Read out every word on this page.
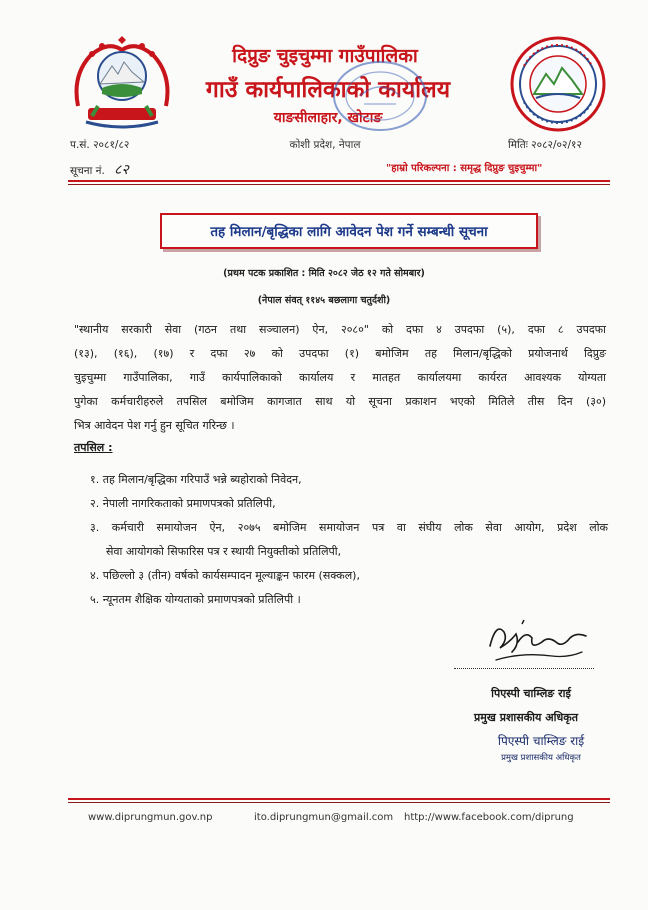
दिप्रुङ चुइचुम्मा गाउँपालिका
गाउँ कार्यपालिकाको कार्यालय
याङसीलाहार, खोटाङ
कोशी प्रदेश, नेपाल
प.सं. २०८१/८२
सूचना नं. ८२
मितिः २०८२/०२/१२
"हाम्रो परिकल्पना : समृद्ध दिप्रुङ चुइचुम्मा"
तह मिलान/बृद्धिका लागि आवेदन पेश गर्ने सम्बन्धी सूचना
(प्रथम पटक प्रकाशित : मिति २०८२ जेठ १२ गते सोमबार)
(नेपाल संवत् ११४५ बछलागा चतुर्दशी)
"स्थानीय सरकारी सेवा (गठन तथा सञ्चालन) ऐन, २०८०" को दफा ४ उपदफा (५), दफा ८ उपदफा
(१३), (१६), (१७) र दफा २७ को उपदफा (१) बमोजिम तह मिलान/बृद्धिको प्रयोजनार्थ दिप्रुङ
चुइचुम्मा गाउँपालिका, गाउँ कार्यपालिकाको कार्यालय र मातहत कार्यालयमा कार्यरत आवश्यक योग्यता
पुगेका कर्मचारीहरुले तपसिल बमोजिम कागजात साथ यो सूचना प्रकाशन भएको मितिले तीस दिन (३०)
भित्र आवेदन पेश गर्नु हुन सूचित गरिन्छ ।
तपसिल :
१. तह मिलान/बृद्धिका गरिपाउँ भन्ने ब्यहोराको निवेदन,
२. नेपाली नागरिकताको प्रमाणपत्रको प्रतिलिपी,
३. कर्मचारी समायोजन ऐन, २०७५ बमोजिम समायोजन पत्र वा संघीय लोक सेवा आयोग, प्रदेश लोक
सेवा आयोगको सिफारिस पत्र र स्थायी नियुक्तीको प्रतिलिपी,
४. पछिल्लो ३ (तीन) वर्षको कार्यसम्पादन मूल्याङ्कन फारम (सक्कल),
५. न्यूनतम शैक्षिक योग्यताको प्रमाणपत्रको प्रतिलिपी ।
पिएस्पी चाम्लिङ राई
प्रमुख प्रशासकीय अधिकृत
पिएस्पी चाम्लिङ राई
प्रमुख प्रशासकीय अधिकृत
www.diprungmun.gov.np	ito.diprungmun@gmail.com http://www.facebook.com/diprung
